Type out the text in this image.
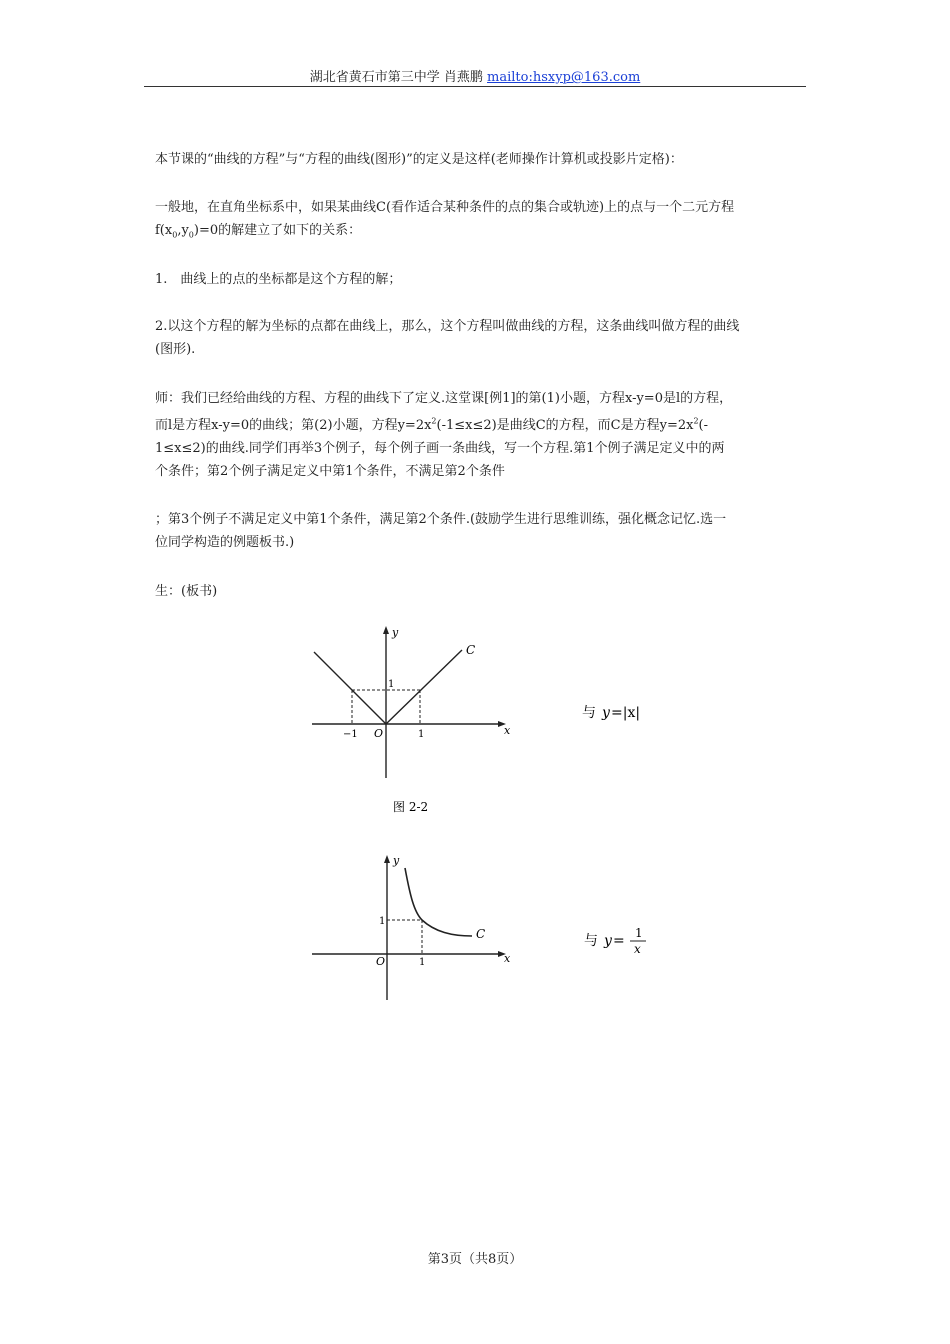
湖北省黄石市第三中学 肖燕鹏 mailto:hsxyp@163.com
本节课的“曲线的方程”与“方程的曲线(图形)”的定义是这样(老师操作计算机或投影片定格)：
一般地，在直角坐标系中，如果某曲线C(看作适合某种条件的点的集合或轨迹)上的点与一个二元方程
$f(x_0,y_0)=0$的解建立了如下的关系：
1.　曲线上的点的坐标都是这个方程的解；
2.以这个方程的解为坐标的点都在曲线上，那么，这个方程叫做曲线的方程，这条曲线叫做方程的曲线
(图形).
师：我们已经给曲线的方程、方程的曲线下了定义.这堂课[例1]的第(1)小题，方程x-y=0是l的方程，
而l是方程x-y=0的曲线；第(2)小题，方程$y=2x^2(-1\le x\le 2)$是曲线C的方程，而C是方程$y=2x^2(-$
1≤x≤2)的曲线.同学们再举3个例子，每个例子画一条曲线，写一个方程.第1个例子满足定义中的两
个条件；第2个例子满足定义中第1个条件，不满足第2个条件
；第3个例子不满足定义中第1个条件，满足第2个条件.(鼓励学生进行思维训练，强化概念记忆.选一
位同学构造的例题板书.)
生：(板书)
y
x
C
O
−1	1
1
与 y =|x|
图 2-2
y
x
C
O	1
1
与 y = 1
x
第3页（共8页）
